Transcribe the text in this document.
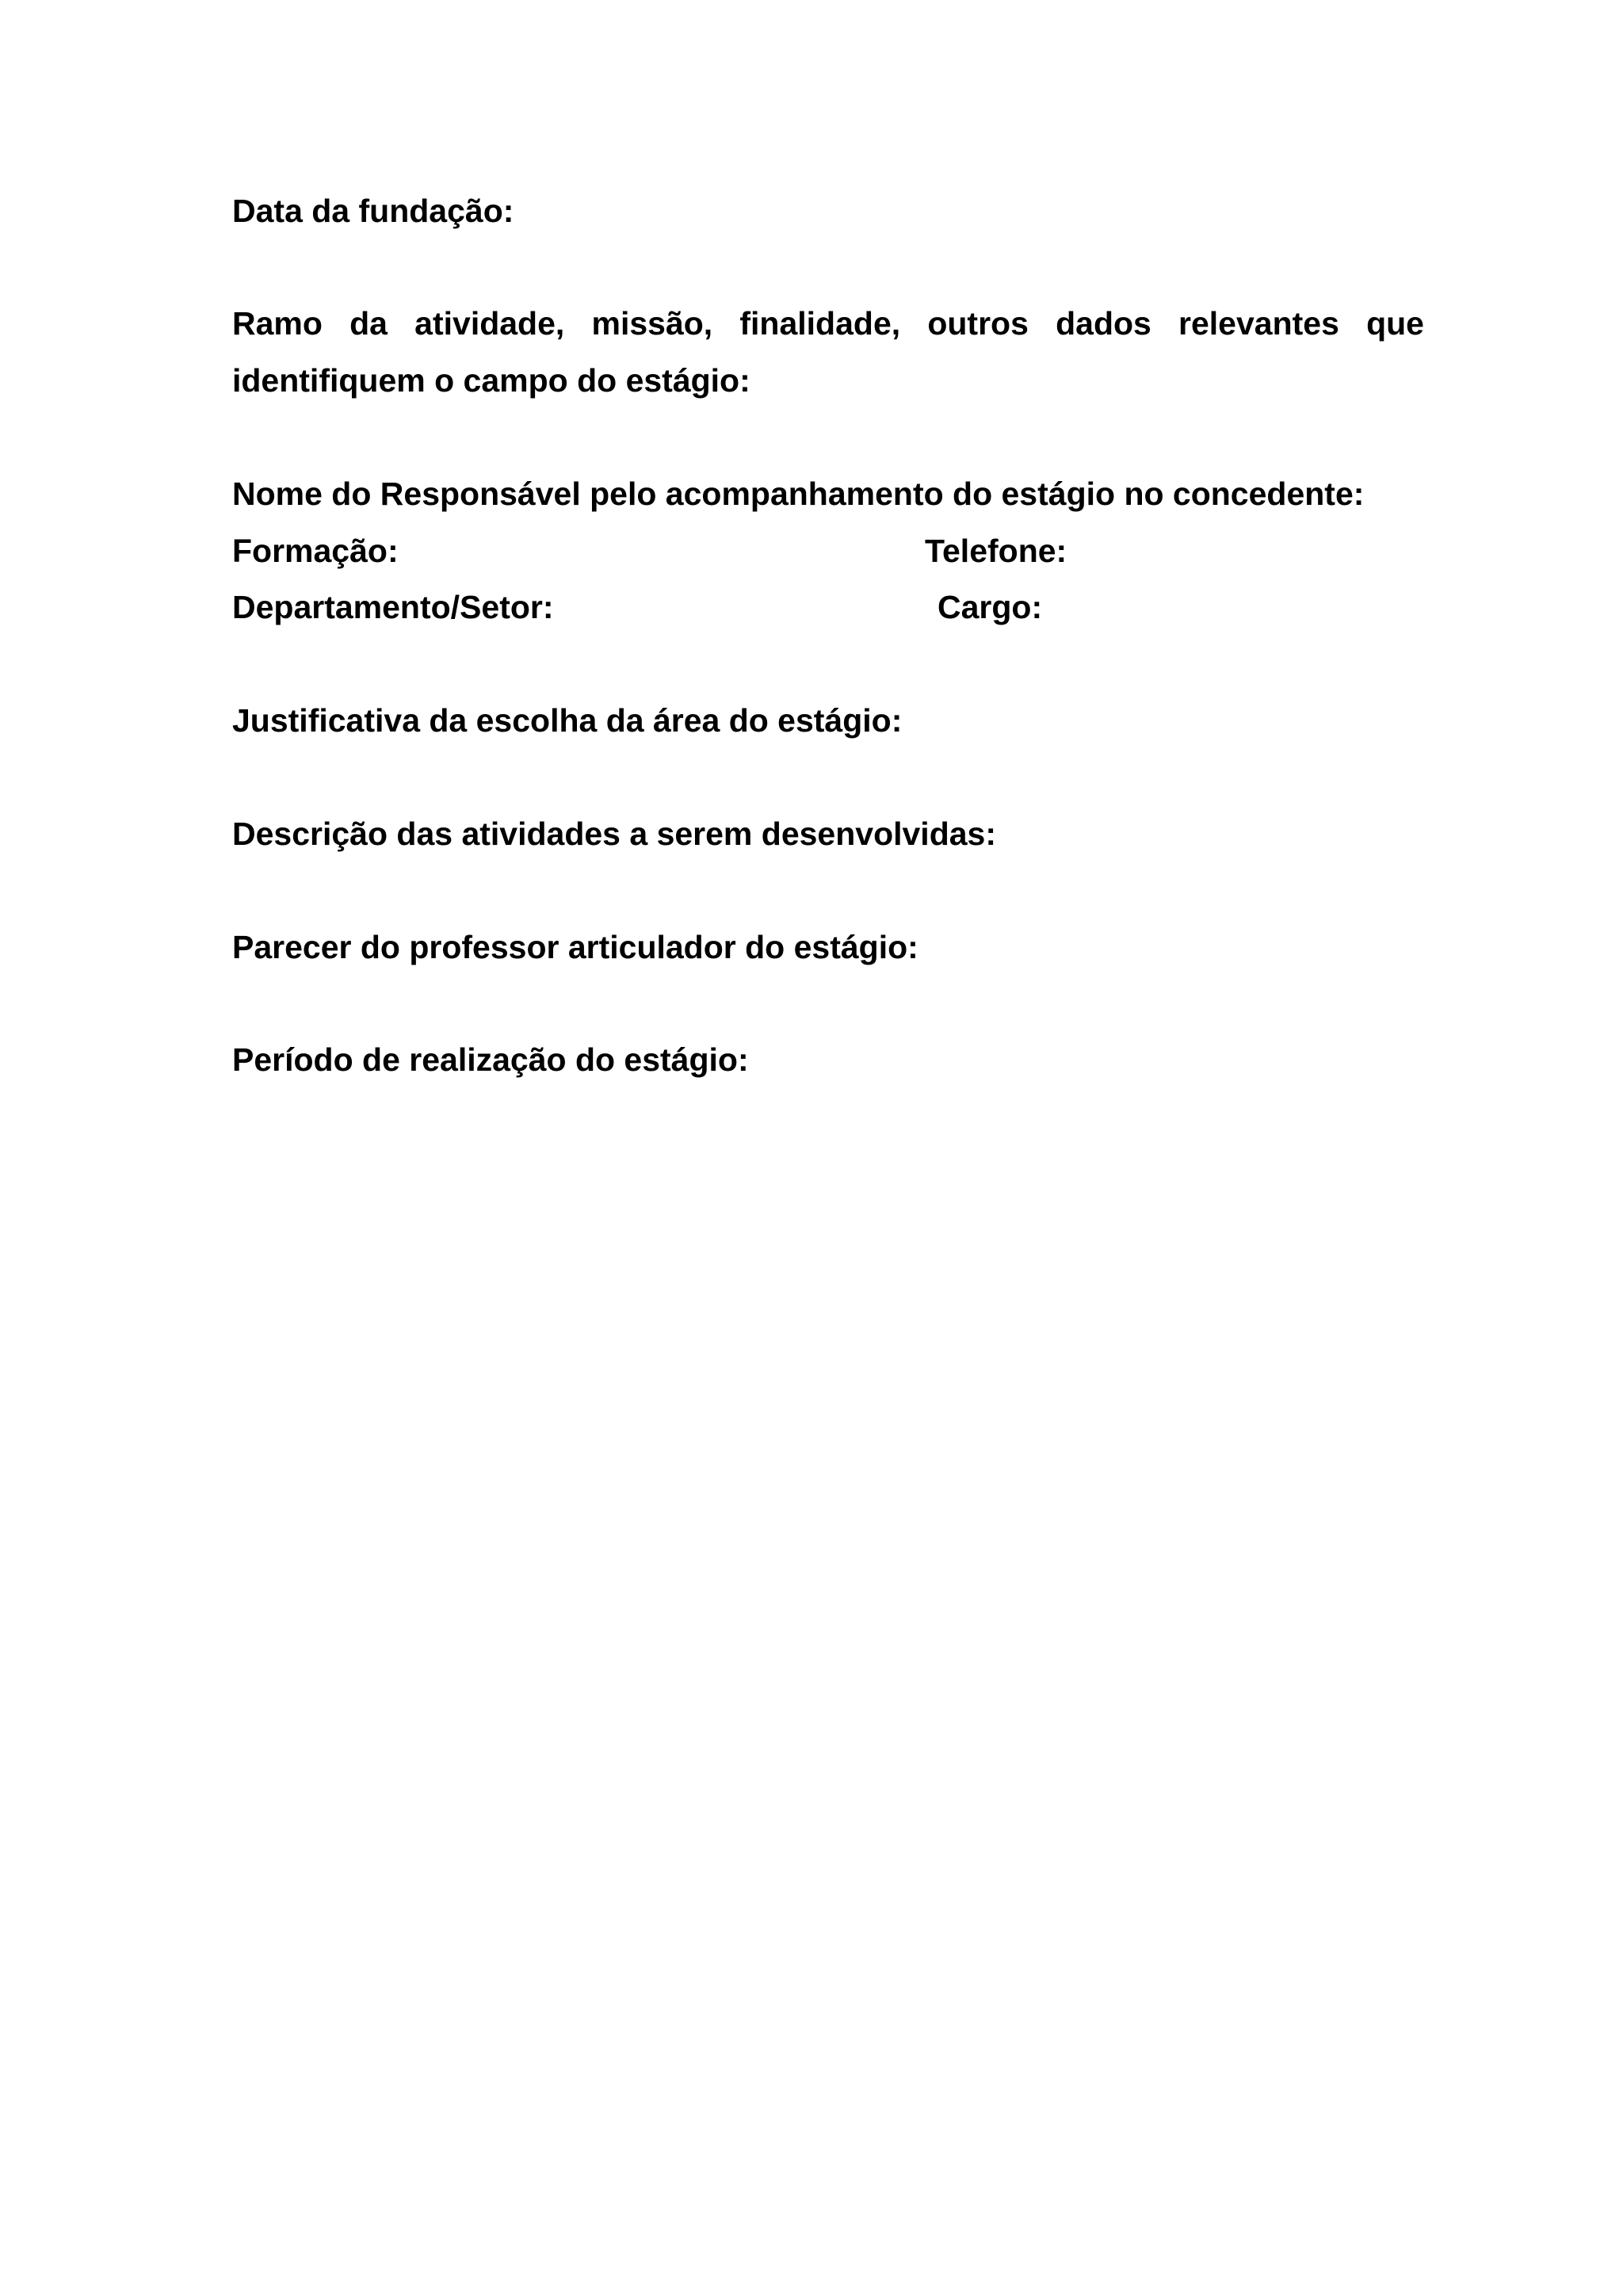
Data da fundação:
Ramo da atividade, missão, finalidade, outros dados relevantes que identifiquem o campo do estágio:
Nome do Responsável pelo acompanhamento do estágio no concedente:
Formação:	Telefone:
Departamento/Setor:	Cargo:
Justificativa da escolha da área do estágio:
Descrição das atividades a serem desenvolvidas:
Parecer do professor articulador do estágio:
Período de realização do estágio:
